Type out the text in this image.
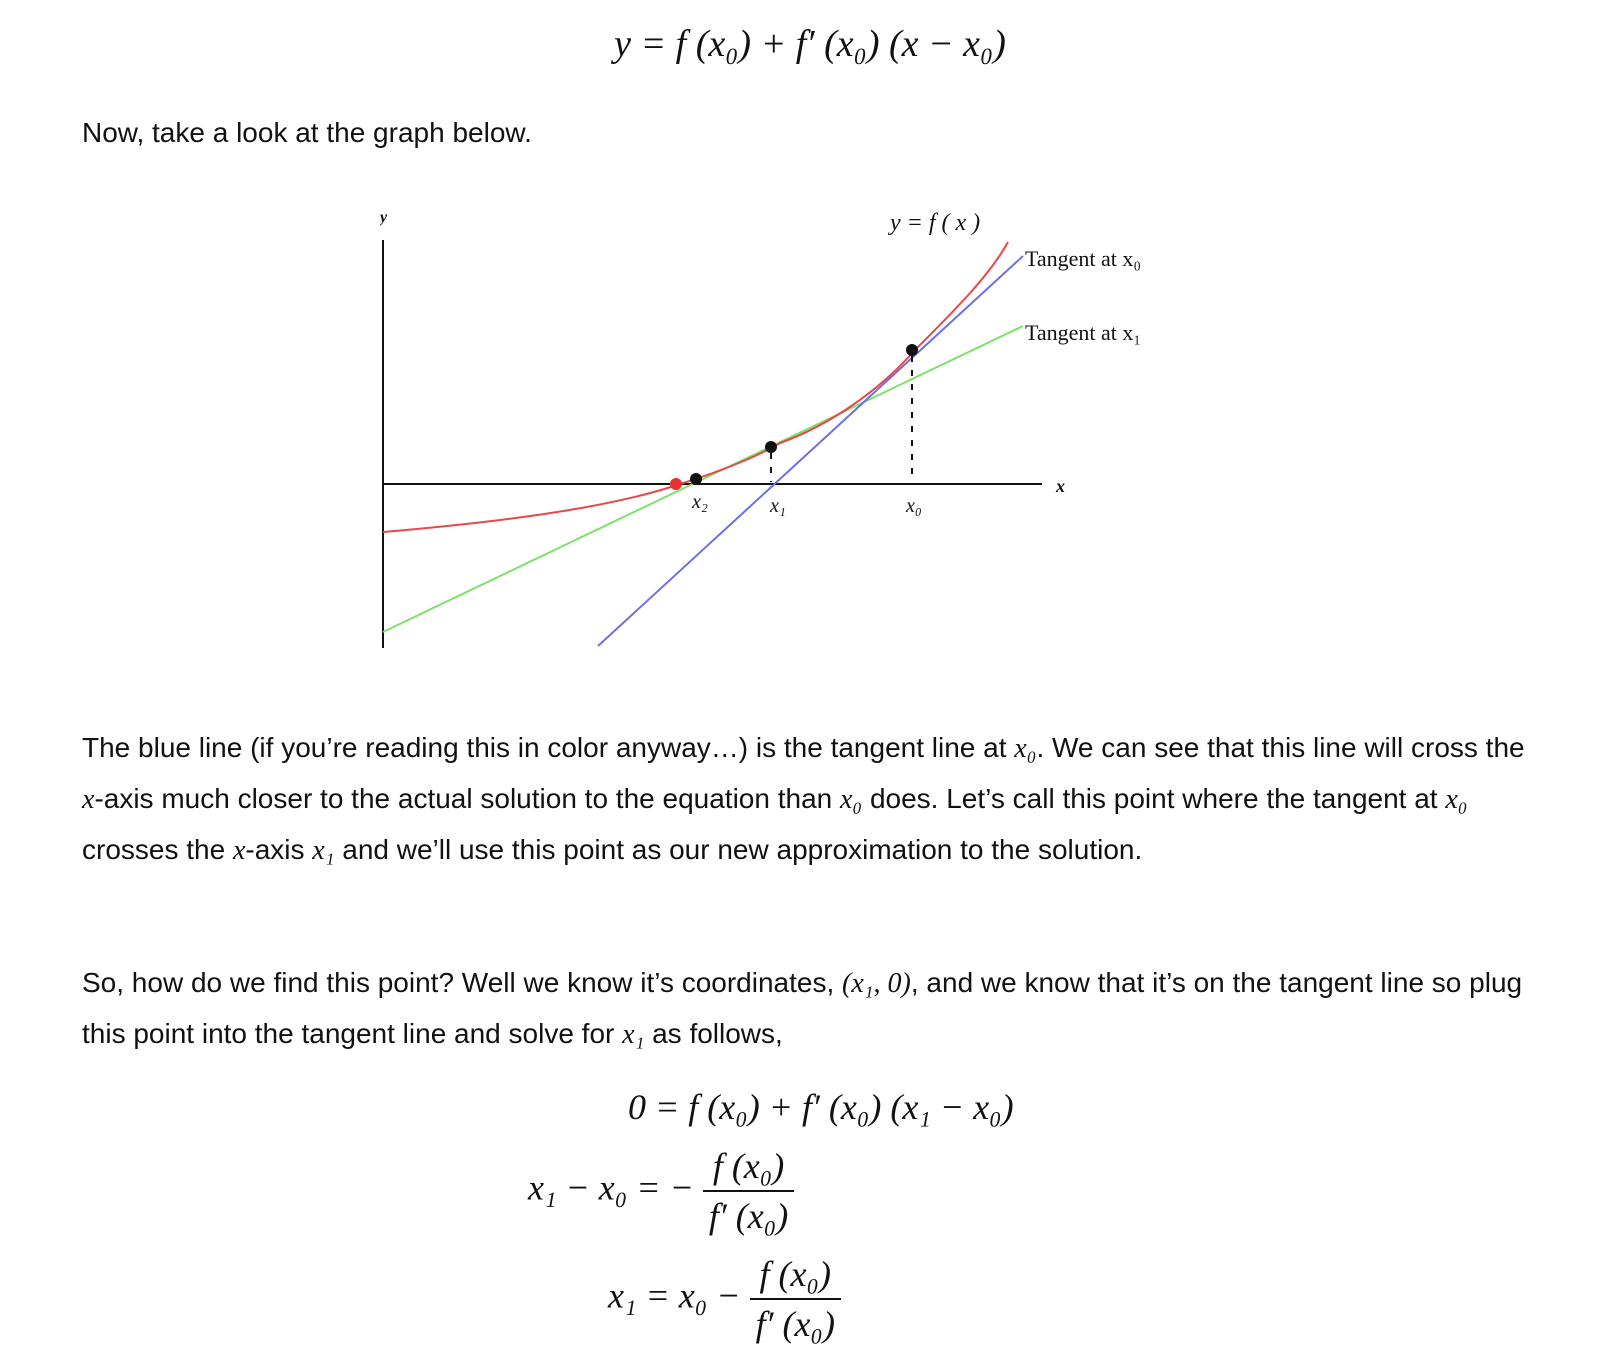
y = f (x₀) + f′ (x₀) (x − x₀)

Now, take a look at the graph below.

y
x
x₂	x₁	x₀
y = f ( x )
Tangent at x₀
Tangent at x₁

The blue line (if you’re reading this in color anyway…) is the tangent line at x₀. We can see that this line will cross the x-axis much closer to the actual solution to the equation than x₀ does. Let’s call this point where the tangent at x₀ crosses the x-axis x₁ and we’ll use this point as our new approximation to the solution.

So, how do we find this point? Well we know it’s coordinates, (x₁, 0), and we know that it’s on the tangent line so plug this point into the tangent line and solve for x₁ as follows,

0 = f (x₀) + f′ (x₀) (x₁ − x₀)
x₁ − x₀ = − $\frac{\text{f (x₀)}}{\text{f′ (x₀)}}$
$x_1 = x_0 - \frac{\text{f (x₀)}}{\text{f′ (x₀)}}$
